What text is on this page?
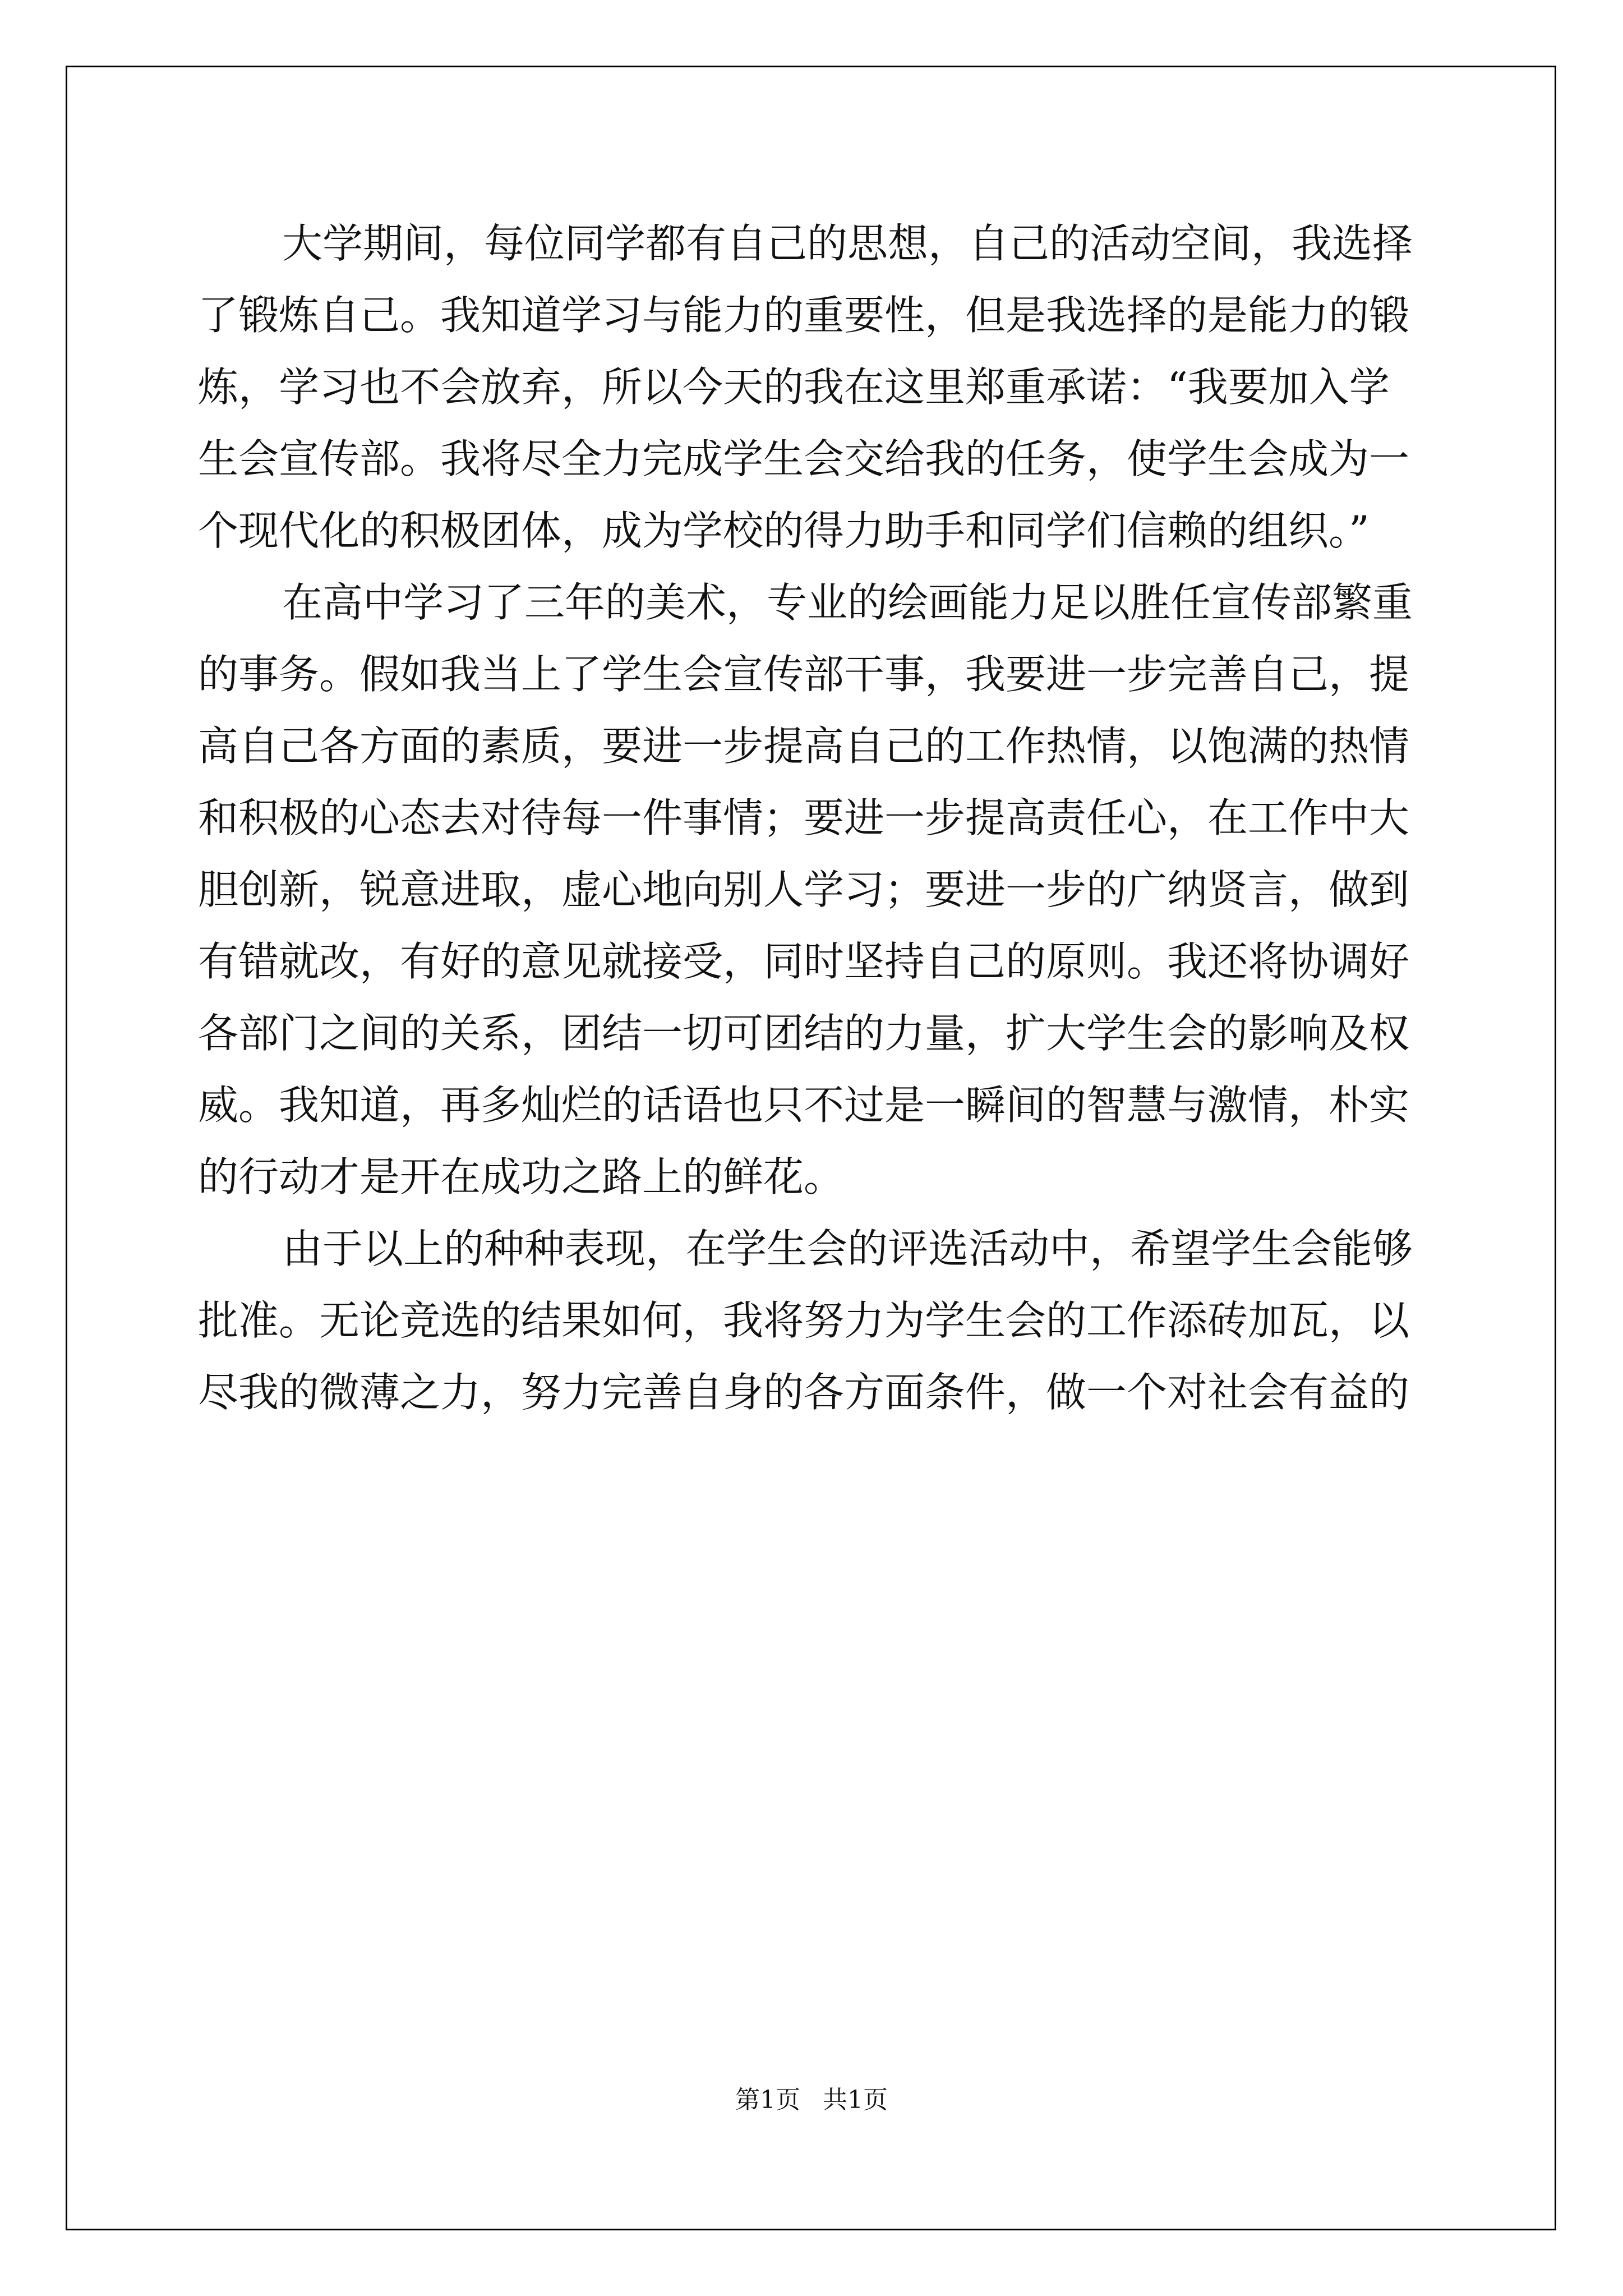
大学期间，每位同学都有自己的思想，自己的活动空间，我选择
了锻炼自己。我知道学习与能力的重要性，但是我选择的是能力的锻
炼，学习也不会放弃，所以今天的我在这里郑重承诺：“我要加入学
生会宣传部。我将尽全力完成学生会交给我的任务，使学生会成为一
个现代化的积极团体，成为学校的得力助手和同学们信赖的组织。”
在高中学习了三年的美术，专业的绘画能力足以胜任宣传部繁重
的事务。假如我当上了学生会宣传部干事，我要进一步完善自己，提
高自己各方面的素质，要进一步提高自己的工作热情，以饱满的热情
和积极的心态去对待每一件事情；要进一步提高责任心，在工作中大
胆创新，锐意进取，虚心地向别人学习；要进一步的广纳贤言，做到
有错就改，有好的意见就接受，同时坚持自己的原则。我还将协调好
各部门之间的关系，团结一切可团结的力量，扩大学生会的影响及权
威。我知道，再多灿烂的话语也只不过是一瞬间的智慧与激情，朴实
的行动才是开在成功之路上的鲜花。
由于以上的种种表现，在学生会的评选活动中，希望学生会能够
批准。无论竞选的结果如何，我将努力为学生会的工作添砖加瓦，以
尽我的微薄之力，努力完善自身的各方面条件，做一个对社会有益的
第1页 共1页
